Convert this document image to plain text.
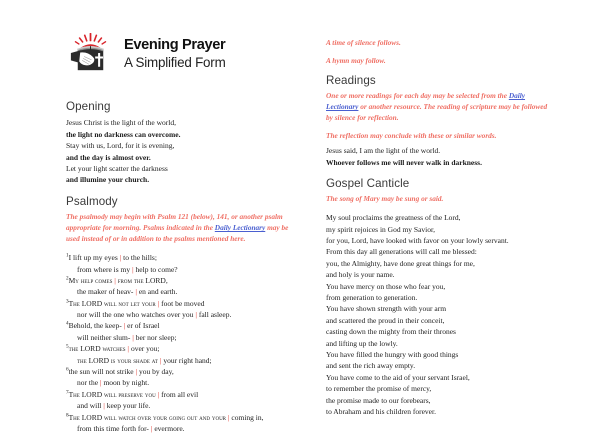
Evening Prayer
A Simplified Form
Opening
Jesus Christ is the light of the world,
the light no darkness can overcome.
Stay with us, Lord, for it is evening,
and the day is almost over.
Let your light scatter the darkness
and illumine your church.
Psalmody

The psalmody may begin with Psalm 121 (below), 141, or another psalm appropriate for morning. Psalms indicated in the Daily Lectionary may be used instead of or in addition to the psalms mentioned here.

$^1$I lift up my eyes | to the hills;
from where is my | help to come?
$^2$My help comes | from the LORD,
the maker of heav- | en and earth.
$^3$The LORD will not let your | foot be moved
nor will the one who watches over you | fall asleep.
$^4$Behold, the keep- | er of Israel
will neither slum- | ber nor sleep;
$^5$the LORD watches | over you;
the LORD is your shade at | your right hand;
$^6$the sun will not strike | you by day,
nor the | moon by night.
$^7$The LORD will preserve you | from all evil
and will | keep your life.
$^8$The LORD will watch over your going out and your | coming in,
from this time forth for- | evermore.

A time of silence follows.

A hymn may follow.

Readings

One or more readings for each day may be selected from the Daily Lectionary or another resource. The reading of scripture may be followed by silence for reflection.

The reflection may conclude with these or similar words.

Jesus said, I am the light of the world.
Whoever follows me will never walk in darkness.
Gospel Canticle

The song of Mary may be sung or said.

My soul proclaims the greatness of the Lord,
my spirit rejoices in God my Savior,
for you, Lord, have looked with favor on your lowly servant.
From this day all generations will call me blessed:
you, the Almighty, have done great things for me,
and holy is your name.
You have mercy on those who fear you,
from generation to generation.
You have shown strength with your arm
and scattered the proud in their conceit,
casting down the mighty from their thrones
and lifting up the lowly.
You have filled the hungry with good things
and sent the rich away empty.
You have come to the aid of your servant Israel,
to remember the promise of mercy,
the promise made to our forebears,
to Abraham and his children forever.
